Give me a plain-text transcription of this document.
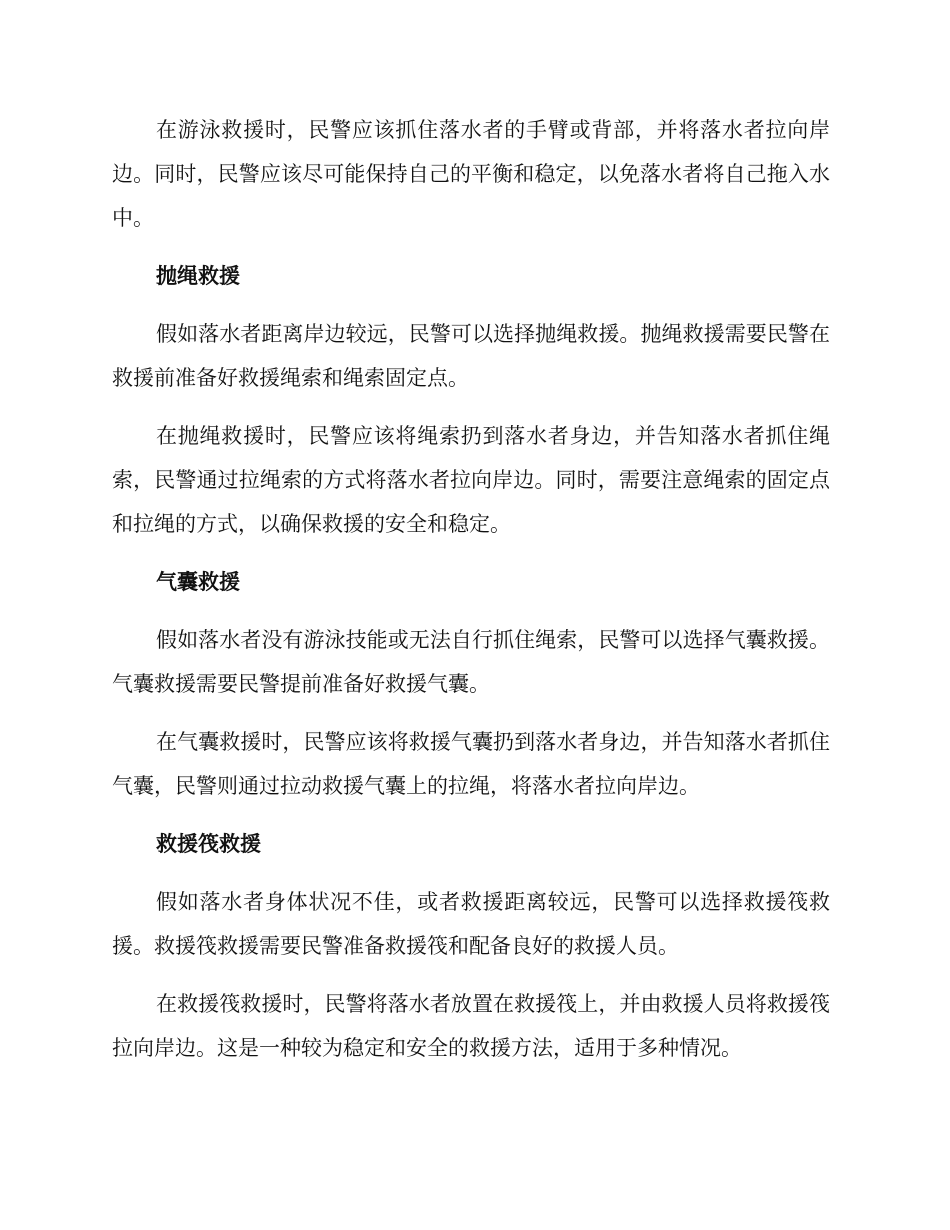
在游泳救援时，民警应该抓住落水者的手臂或背部，并将落水者拉向岸边。同时，民警应该尽可能保持自己的平衡和稳定，以免落水者将自己拖入水中。

抛绳救援

假如落水者距离岸边较远，民警可以选择抛绳救援。抛绳救援需要民警在救援前准备好救援绳索和绳索固定点。

在抛绳救援时，民警应该将绳索扔到落水者身边，并告知落水者抓住绳索，民警通过拉绳索的方式将落水者拉向岸边。同时，需要注意绳索的固定点和拉绳的方式，以确保救援的安全和稳定。

气囊救援

假如落水者没有游泳技能或无法自行抓住绳索，民警可以选择气囊救援。气囊救援需要民警提前准备好救援气囊。

在气囊救援时，民警应该将救援气囊扔到落水者身边，并告知落水者抓住气囊，民警则通过拉动救援气囊上的拉绳，将落水者拉向岸边。

救援筏救援

假如落水者身体状况不佳，或者救援距离较远，民警可以选择救援筏救援。救援筏救援需要民警准备救援筏和配备良好的救援人员。

在救援筏救援时，民警将落水者放置在救援筏上，并由救援人员将救援筏拉向岸边。这是一种较为稳定和安全的救援方法，适用于多种情况。
